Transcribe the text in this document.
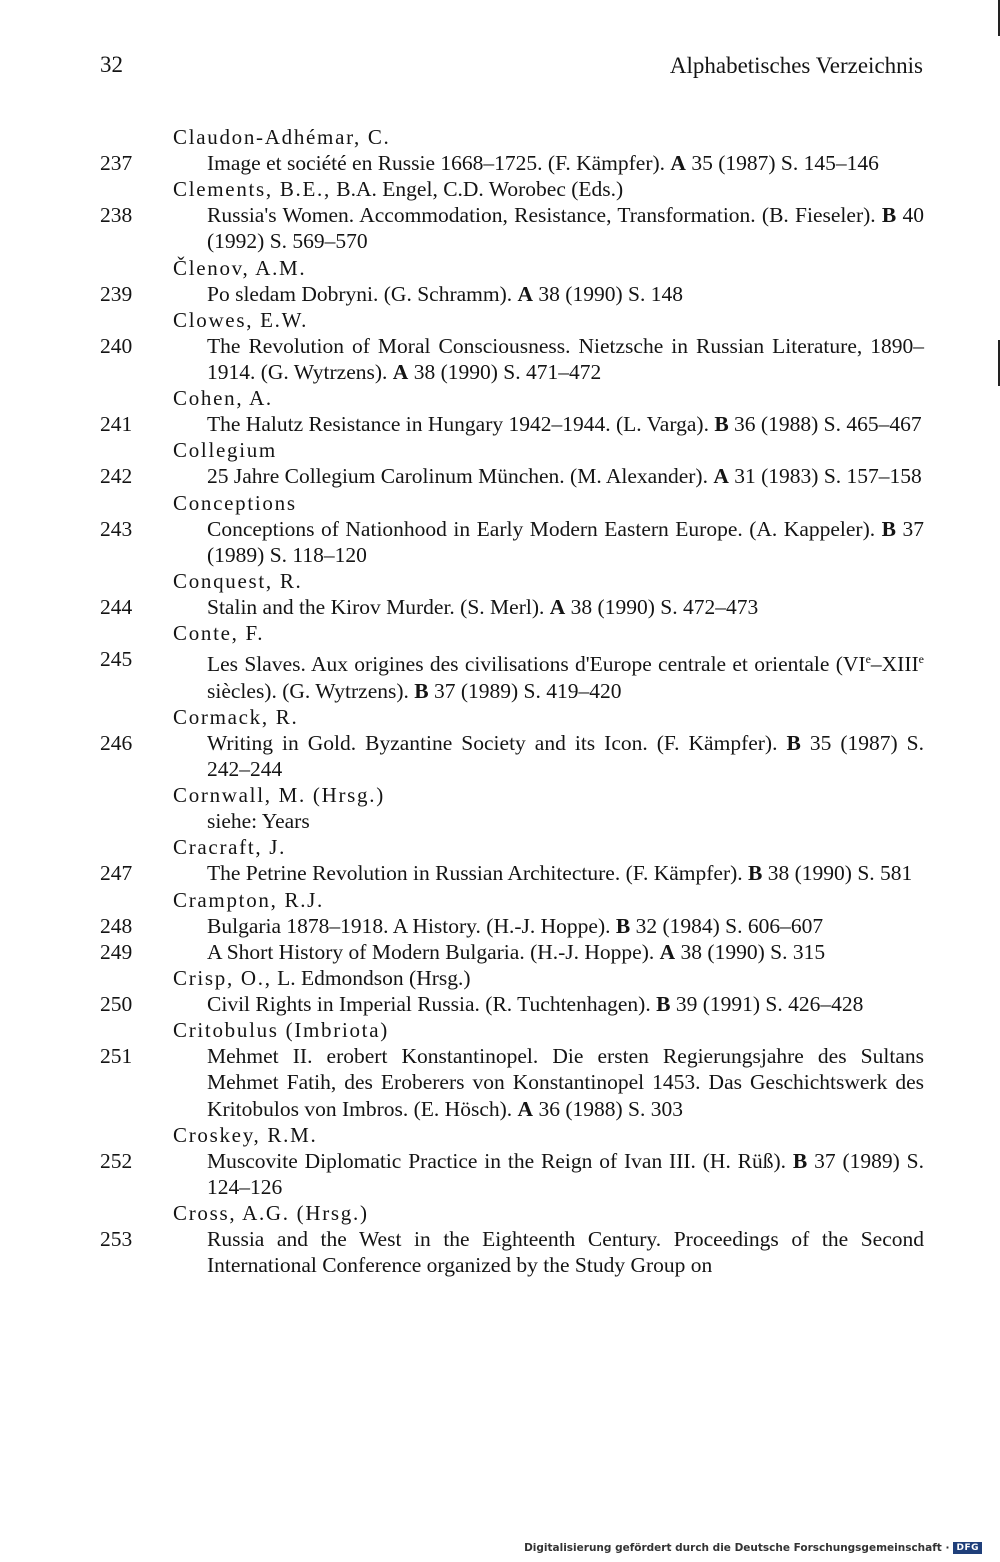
32	Alphabetisches Verzeichnis
Claudon-Adhémar, C.
237	Image et société en Russie 1668–1725. (F. Kämpfer). A 35 (1987) S. 145–146
Clements, B.E., B.A. Engel, C.D. Worobec (Eds.)
238	Russia's Women. Accommodation, Resistance, Transformation. (B. Fieseler). B 40 (1992) S. 569–570
Členov, A.M.
239	Po sledam Dobryni. (G. Schramm). A 38 (1990) S. 148
Clowes, E.W.
240	The Revolution of Moral Consciousness. Nietzsche in Russian Literature, 1890–1914. (G. Wytrzens). A 38 (1990) S. 471–472
Cohen, A.
241	The Halutz Resistance in Hungary 1942–1944. (L. Varga). B 36 (1988) S. 465–467
Collegium
242	25 Jahre Collegium Carolinum München. (M. Alexander). A 31 (1983) S. 157–158
Conceptions
243	Conceptions of Nationhood in Early Modern Eastern Europe. (A. Kappeler). B 37 (1989) S. 118–120
Conquest, R.
244	Stalin and the Kirov Murder. (S. Merl). A 38 (1990) S. 472–473
Conte, F.
245	Les Slaves. Aux origines des civilisations d'Europe centrale et orientale (VIe–XIIIe siècles). (G. Wytrzens). B 37 (1989) S. 419–420
Cormack, R.
246	Writing in Gold. Byzantine Society and its Icon. (F. Kämpfer). B 35 (1987) S. 242–244
Cornwall, M. (Hrsg.)
siehe: Years
Cracraft, J.
247	The Petrine Revolution in Russian Architecture. (F. Kämpfer). B 38 (1990) S. 581
Crampton, R.J.
248	Bulgaria 1878–1918. A History. (H.-J. Hoppe). B 32 (1984) S. 606–607
249	A Short History of Modern Bulgaria. (H.-J. Hoppe). A 38 (1990) S. 315
Crisp, O., L. Edmondson (Hrsg.)
250	Civil Rights in Imperial Russia. (R. Tuchtenhagen). B 39 (1991) S. 426–428
Critobulus (Imbriota)
251	Mehmet II. erobert Konstantinopel. Die ersten Regierungsjahre des Sultans Mehmet Fatih, des Eroberers von Konstantinopel 1453. Das Geschichtswerk des Kritobulos von Imbros. (E. Hösch). A 36 (1988) S. 303
Croskey, R.M.
252	Muscovite Diplomatic Practice in the Reign of Ivan III. (H. Rüß). B 37 (1989) S. 124–126
Cross, A.G. (Hrsg.)
253	Russia and the West in the Eighteenth Century. Proceedings of the Second International Conference organized by the Study Group on
Digitalisierung gefördert durch die Deutsche Forschungsgemeinschaft · DFG
